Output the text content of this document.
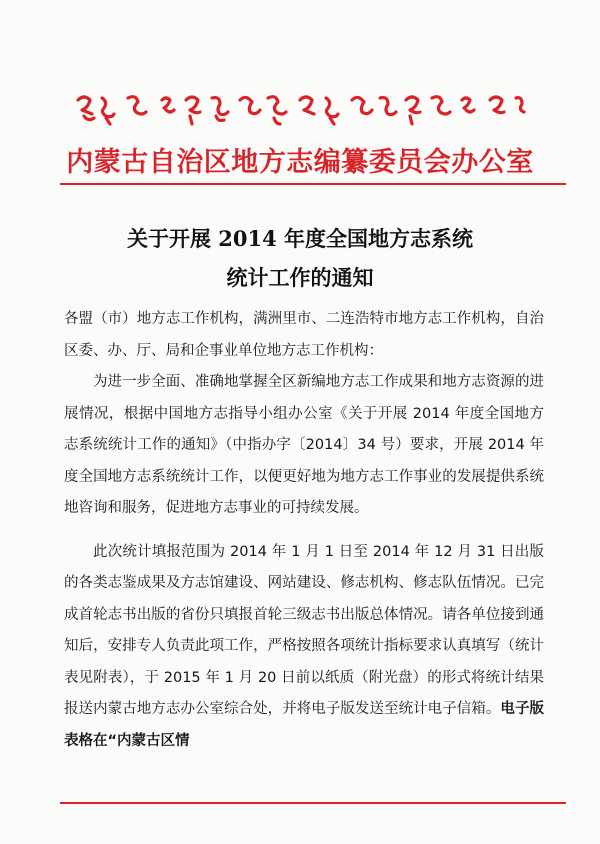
内蒙古自治区地方志编纂委员会办公室
关于开展 2014 年度全国地方志系统
统计工作的通知

各盟（市）地方志工作机构，满洲里市、二连浩特市地方志工作机构，自治区委、办、厅、局和企事业单位地方志工作机构：

为进一步全面、准确地掌握全区新编地方志工作成果和地方志资源的进展情况，根据中国地方志指导小组办公室《关于开展 2014 年度全国地方志系统统计工作的通知》（中指办字〔2014〕34 号）要求，开展 2014 年度全国地方志系统统计工作，以便更好地为地方志工作事业的发展提供系统地咨询和服务，促进地方志事业的可持续发展。

此次统计填报范围为 2014 年 1 月 1 日至 2014 年 12 月 31 日出版的各类志鉴成果及方志馆建设、网站建设、修志机构、修志队伍情况。已完成首轮志书出版的省份只填报首轮三级志书出版总体情况。请各单位接到通知后，安排专人负责此项工作，严格按照各项统计指标要求认真填写（统计表见附表），于 2015 年 1 月 20 日前以纸质（附光盘）的形式将统计结果报送内蒙古地方志办公室综合处，并将电子版发送至统计电子信箱。电子版表格在“内蒙古区情
